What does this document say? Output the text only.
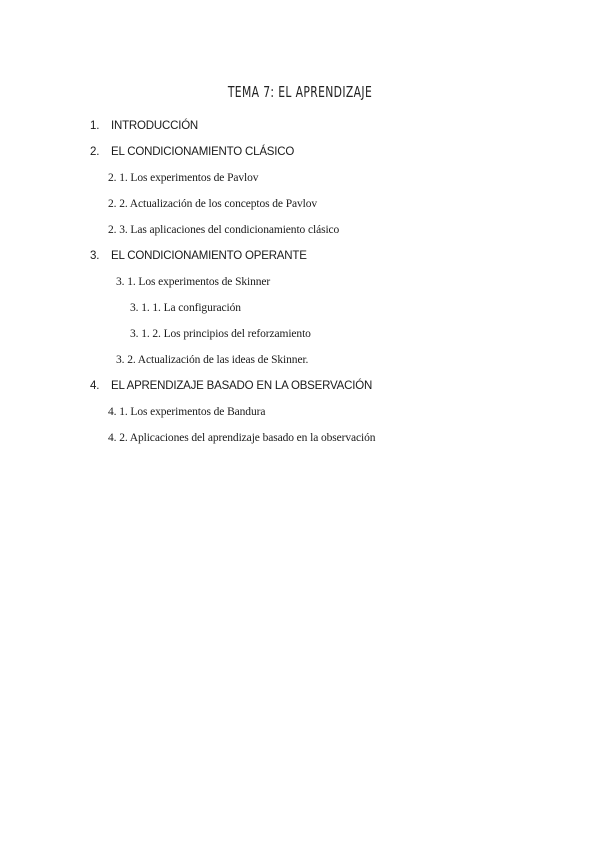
TEMA 7: EL APRENDIZAJE
1. INTRODUCCIÓN
2. EL CONDICIONAMIENTO CLÁSICO
2. 1. Los experimentos de Pavlov
2. 2. Actualización de los conceptos de Pavlov
2. 3. Las aplicaciones del condicionamiento clásico
3. EL CONDICIONAMIENTO OPERANTE
3. 1. Los experimentos de Skinner
3. 1. 1. La configuración
3. 1. 2. Los principios del reforzamiento
3. 2. Actualización de las ideas de Skinner.
4. EL APRENDIZAJE BASADO EN LA OBSERVACIÓN
4. 1. Los experimentos de Bandura
4. 2. Aplicaciones del aprendizaje basado en la observación
